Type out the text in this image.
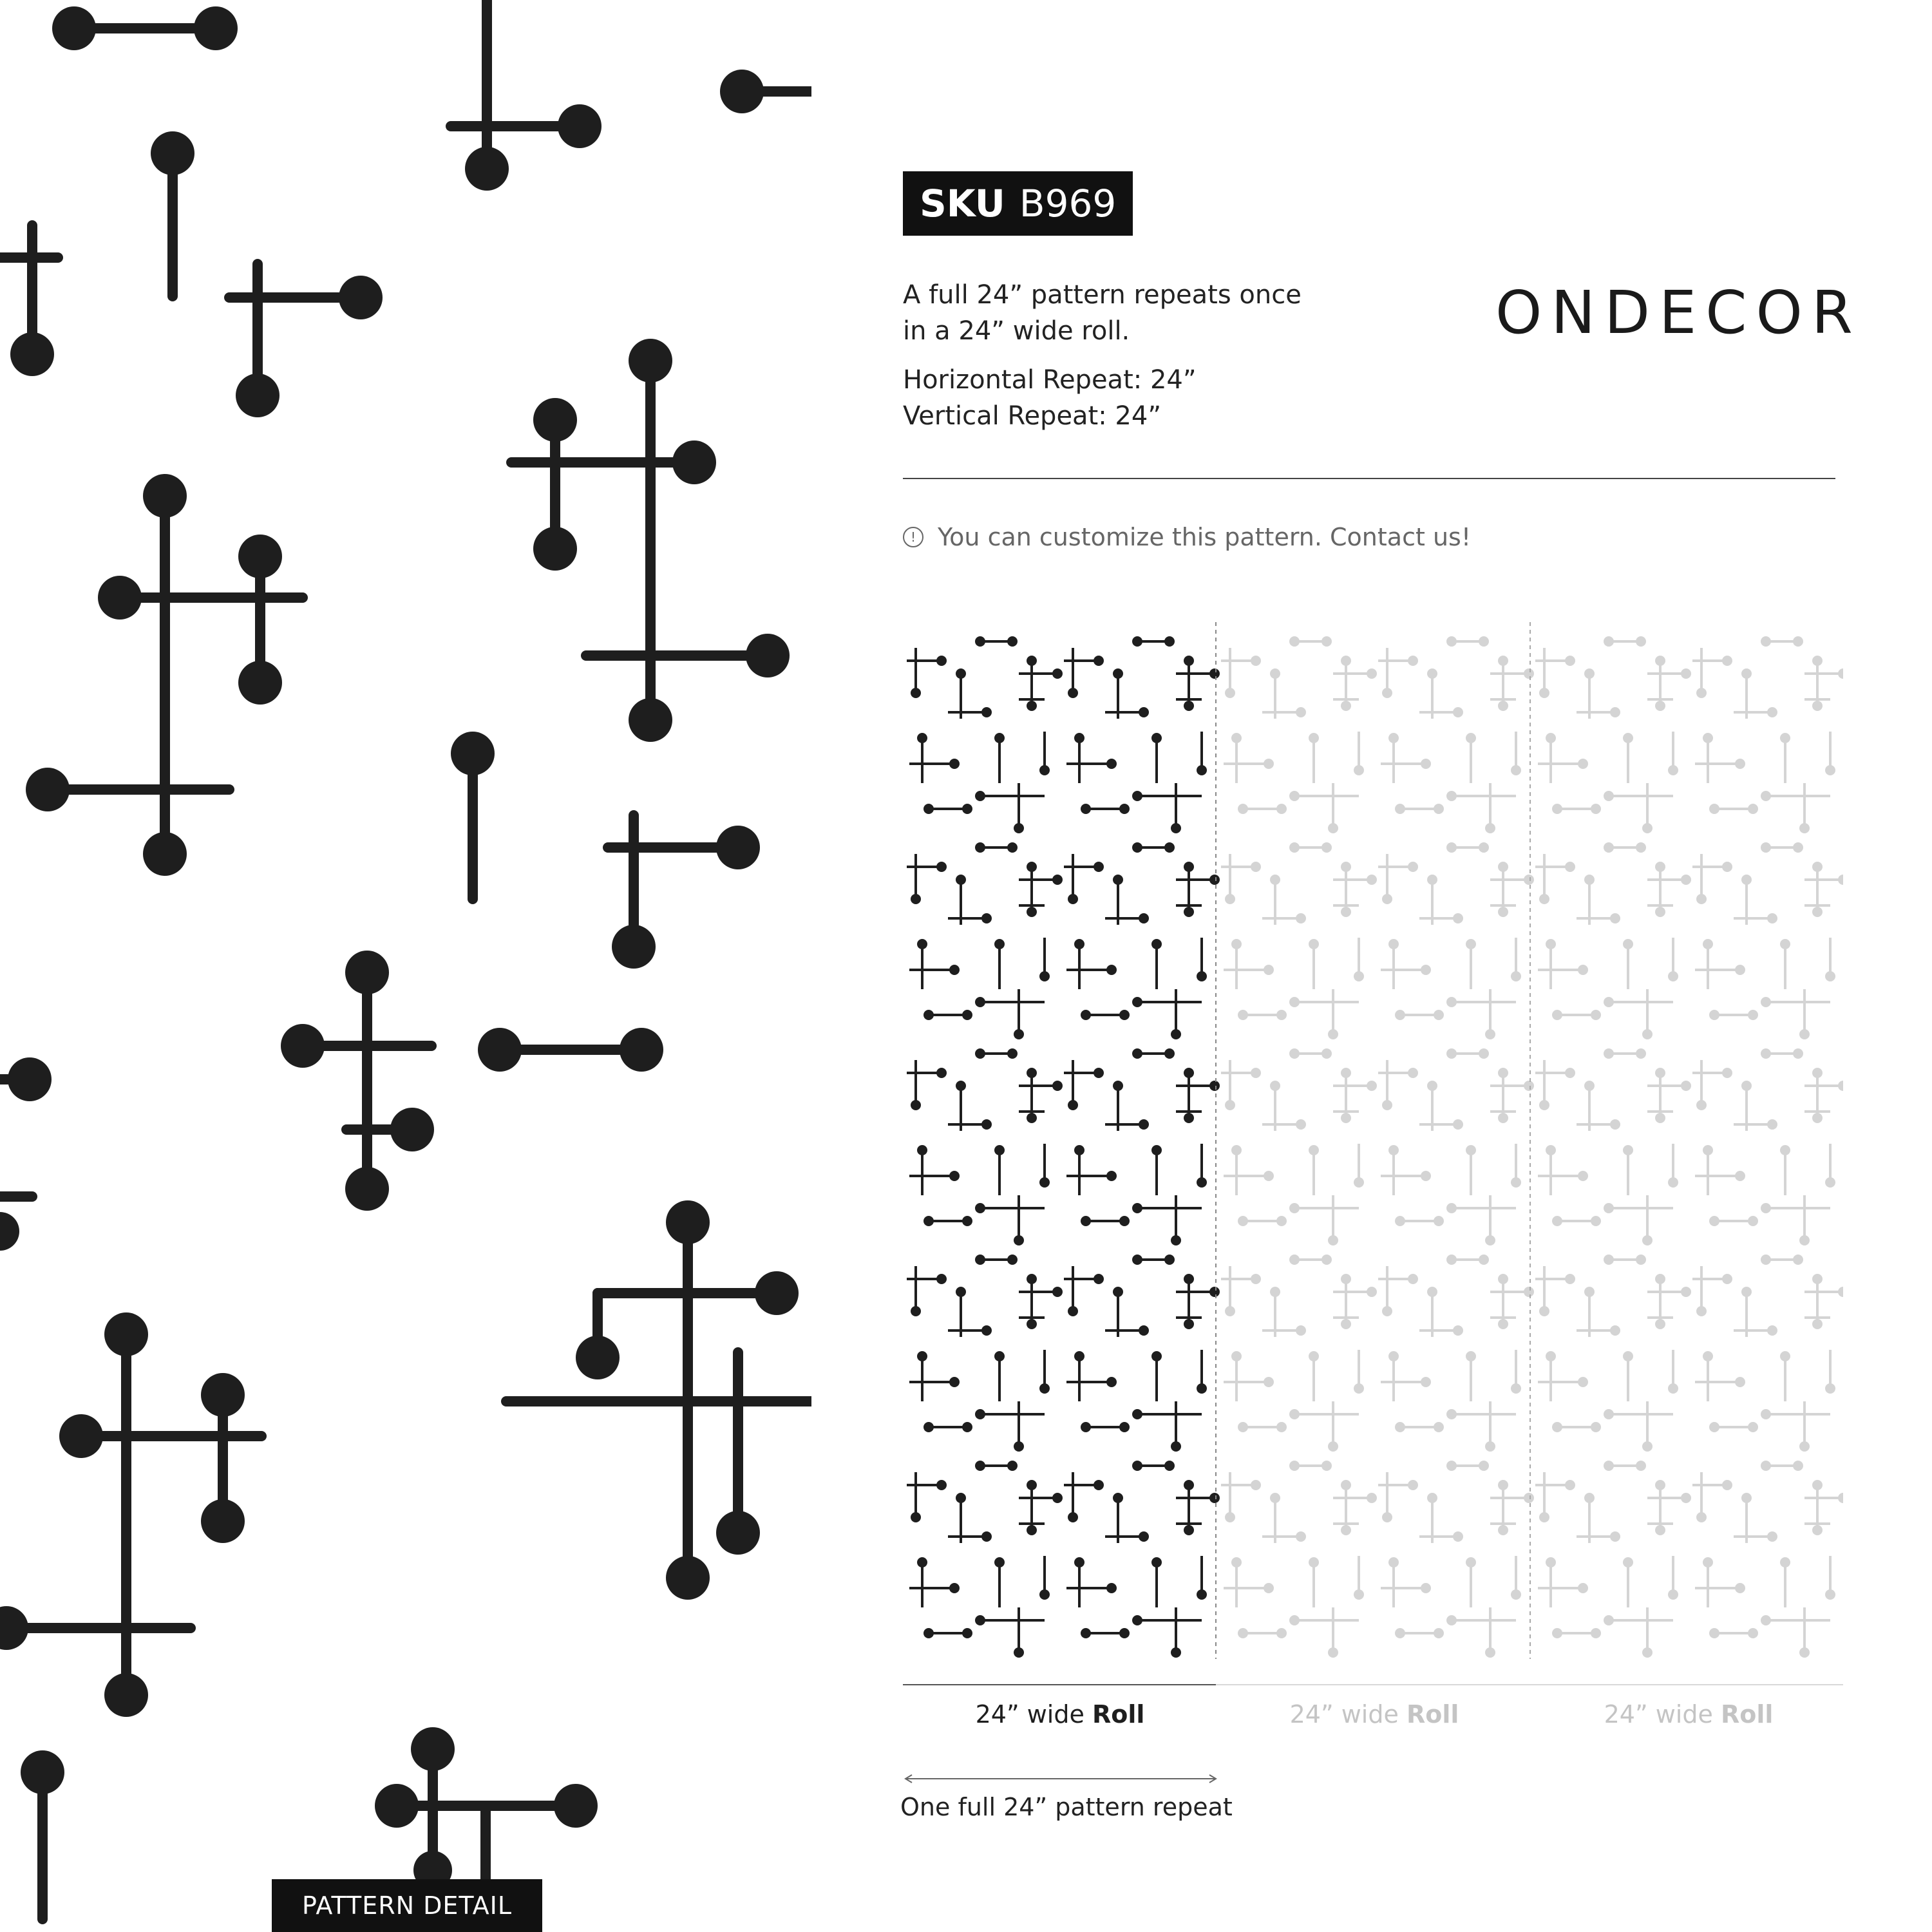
PATTERN DETAIL
SKU B969
A full 24” pattern repeats once
in a 24” wide roll.
Horizontal Repeat: 24”
Vertical Repeat: 24”
ONDECOR
! You can customize this pattern. Contact us!
24” wide Roll	24” wide Roll	24” wide Roll
One full 24” pattern repeat
